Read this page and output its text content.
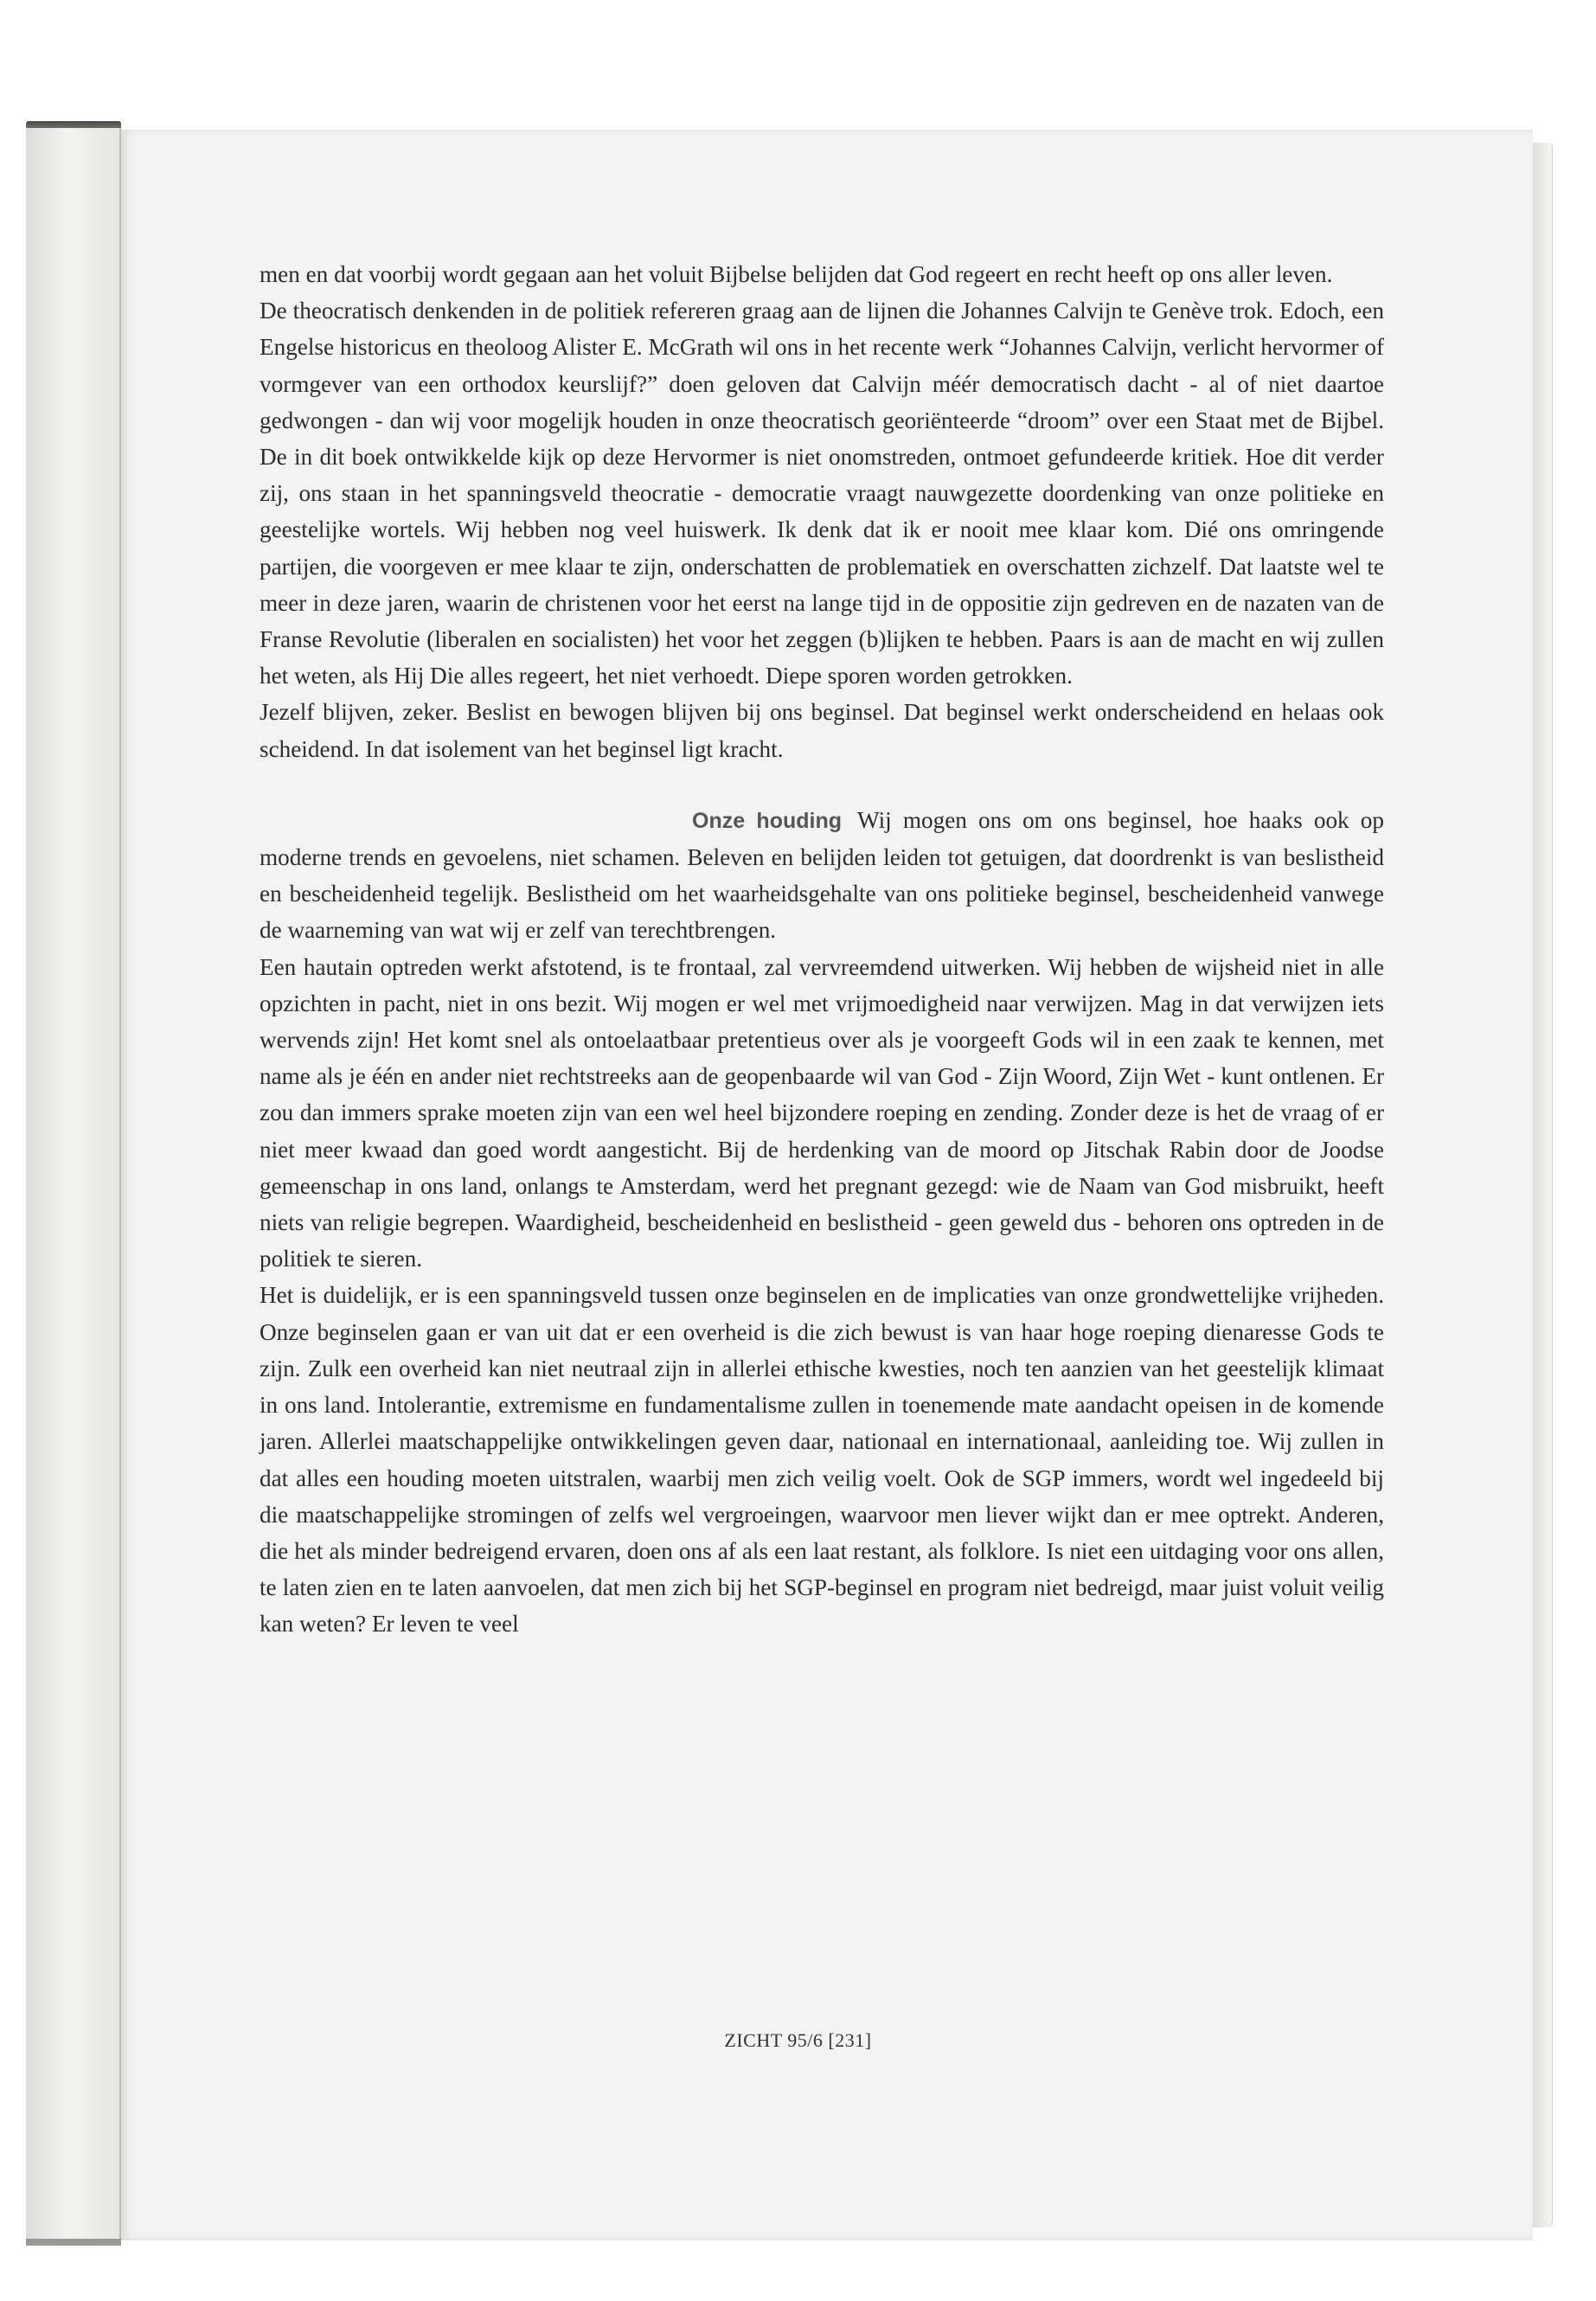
men en dat voorbij wordt gegaan aan het voluit Bijbelse belijden dat God regeert en recht heeft op ons aller leven.

De theocratisch denkenden in de politiek refereren graag aan de lijnen die Johannes Calvijn te Genève trok. Edoch, een Engelse historicus en theoloog Alister E. McGrath wil ons in het recente werk “Johannes Calvijn, verlicht hervormer of vormgever van een orthodox keurslijf?” doen geloven dat Calvijn méér democratisch dacht - al of niet daartoe gedwongen - dan wij voor mogelijk houden in onze theocratisch georiënteerde “droom” over een Staat met de Bijbel. De in dit boek ontwikkelde kijk op deze Hervormer is niet onomstreden, ontmoet gefundeerde kritiek. Hoe dit verder zij, ons staan in het spanningsveld theocratie - democratie vraagt nauwgezette doordenking van onze politieke en geestelijke wortels. Wij hebben nog veel huiswerk. Ik denk dat ik er nooit mee klaar kom. Dié ons omringende partijen, die voorgeven er mee klaar te zijn, onderschatten de problematiek en overschatten zichzelf. Dat laatste wel te meer in deze jaren, waarin de christenen voor het eerst na lange tijd in de oppositie zijn gedreven en de nazaten van de Franse Revolutie (liberalen en socialisten) het voor het zeggen (b)lijken te hebben. Paars is aan de macht en wij zullen het weten, als Hij Die alles regeert, het niet verhoedt. Diepe sporen worden getrokken.

Jezelf blijven, zeker. Beslist en bewogen blijven bij ons beginsel. Dat beginsel werkt onderscheidend en helaas ook scheidend. In dat isolement van het beginsel ligt kracht.

Onze houding Wij mogen ons om ons beginsel, hoe haaks ook op moderne trends en gevoelens, niet schamen. Beleven en belijden leiden tot getuigen, dat doordrenkt is van beslistheid en bescheidenheid tegelijk. Beslistheid om het waarheidsgehalte van ons politieke beginsel, bescheidenheid vanwege de waarneming van wat wij er zelf van terechtbrengen.

Een hautain optreden werkt afstotend, is te frontaal, zal vervreemdend uitwerken. Wij hebben de wijsheid niet in alle opzichten in pacht, niet in ons bezit. Wij mogen er wel met vrijmoedigheid naar verwijzen. Mag in dat verwijzen iets wervends zijn! Het komt snel als ontoelaatbaar pretentieus over als je voorgeeft Gods wil in een zaak te kennen, met name als je één en ander niet rechtstreeks aan de geopenbaarde wil van God - Zijn Woord, Zijn Wet - kunt ontlenen. Er zou dan immers sprake moeten zijn van een wel heel bijzondere roeping en zending. Zonder deze is het de vraag of er niet meer kwaad dan goed wordt aangesticht. Bij de herdenking van de moord op Jitschak Rabin door de Joodse gemeenschap in ons land, onlangs te Amsterdam, werd het pregnant gezegd: wie de Naam van God misbruikt, heeft niets van religie begrepen. Waardigheid, bescheidenheid en beslistheid - geen geweld dus - behoren ons optreden in de politiek te sieren.

Het is duidelijk, er is een spanningsveld tussen onze beginselen en de implicaties van onze grondwettelijke vrijheden. Onze beginselen gaan er van uit dat er een overheid is die zich bewust is van haar hoge roeping dienaresse Gods te zijn. Zulk een overheid kan niet neutraal zijn in allerlei ethische kwesties, noch ten aanzien van het geestelijk klimaat in ons land. Intolerantie, extremisme en fundamentalisme zullen in toenemende mate aandacht opeisen in de komende jaren. Allerlei maatschappelijke ontwikkelingen geven daar, nationaal en internationaal, aanleiding toe. Wij zullen in dat alles een houding moeten uitstralen, waarbij men zich veilig voelt. Ook de SGP immers, wordt wel ingedeeld bij die maatschappelijke stromingen of zelfs wel vergroeingen, waarvoor men liever wijkt dan er mee optrekt. Anderen, die het als minder bedreigend ervaren, doen ons af als een laat restant, als folklore. Is niet een uitdaging voor ons allen, te laten zien en te laten aanvoelen, dat men zich bij het SGP-beginsel en program niet bedreigd, maar juist voluit veilig kan weten? Er leven te veel

ZICHT 95/6 [231]
